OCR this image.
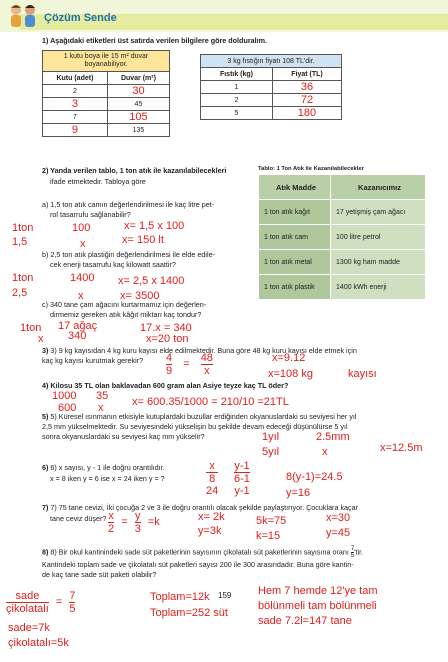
Çözüm Sende
1) Aşağıdaki etiketleri üst satırda verilen bilgilere göre dolduralım.
1 kutu boya ile 15 m² duvar boyanabiliyor.	
Kutu (adet)	Duvar (m²)
2	30
3	45
7	105
9	135
3 kg fıstığın fiyatı 108 TL'dir.	
Fıstık (kg)	Fiyat (TL)
1	36
2	72
5	180
2) Yanda verilen tablo, 1 ton atık ile kazanılabilecekleri
ifade etmektedir. Tabloya göre
Tablo: 1 Ton Atık ile Kazanılabilecekler
Atık Madde	Kazanıcımız
1 ton atık kağıt	17 yetişmiş çam ağacı
1 ton atık cam	100 litre petrol
1 ton atık metal	1300 kg ham madde
1 ton atık plastik	1400 kWh enerji
a) 1,5 ton atık camın değerlendirilmesi ile kaç litre pet-
rol tasarrufu sağlanabilir?
1ton	100	x= 1,5 x 100
1,5	x	x= 150 lt
b) 2,5 ton atık plastiğin değerlendirilmesi ile elde edile-
cek enerji tasarrufu kaç kilowatt saattir?
1ton	1400 x= 2,5 x 1400
2,5	x	x= 3500
c) 340 tane çam ağacını kurtarmamız için değerlen-
dirmemiz gereken atık kâğıt miktarı kaç tondur?
1ton 17 ağaç	17.x = 340
x 340	x=20 ton
3) 3) 9 kg kayısıdan 4 kg kuru kayısı elde edilmektedir. Buna göre 48 kg kuru kayısı elde etmek için
kaç kg kayısı kurutmak gerekir? $\frac{4}{9} = \frac{48}{x}$	x=9.12
x=108 kg	kayısı
4) Kilosu 35 TL olan baklavadan 600 gram alan Asiye teyze kaç TL öder?
1000 35
600 x	x= 600.35/1000 = 210/10 =21TL
5) 5) Küresel ısınmanın etkisiyle kutuplardaki buzullar erdiğinden okyanuslardaki su seviyesi her yıl
2,5 mm yükselmektedir. Su seviyesindeki yükselişin bu şekilde devam edeceği düşünülürse 5 yıl
sonra okyanuslardaki su seviyesi kaç mm yükselir?	1yıl	2.5mm
5yıl	x	x=12.5m
6) 6) x sayısı, y - 1 ile doğru orantılıdır.
x = 8 iken y = 6 ise x = 24 iken y = ?
x
8
24
y-1
6-1
y-1
8(y-1)=24.5
y=16
7) 7) 75 tane cevizi, İki çocuğa 2 ve 3 ile doğru orantılı olacak şekilde paylaştırıyor. Çocuklara kaçar
tane ceviz düşer? $\frac{x}{2} = \frac{y}{3} =k$	x= 2k
y=3k
5k=75
k=15
x=30
y=45
8) 8) Bir okul kantinindeki sade süt paketlerinin sayısının çikolatalı süt paketlerinin sayısına oranı $\frac{7}{5}$ 'tir.
Kantindeki toplam sade ve çikolatalı süt paketleri sayısı 200 ile 300 arasındadır. Buna göre kantin-
de kaç tane sade süt paketi olabilir?
$\frac{\text{sade}}{\text{çikolatalı}} = \frac{7}{5}$
sade=7k
çikolatalı=5k
Toplam=12k
Toplam=252 süt
Hem 7 hemde 12'ye tam
bölünmeli tam bölünmeli
sade 7.2l=147 tane
159
